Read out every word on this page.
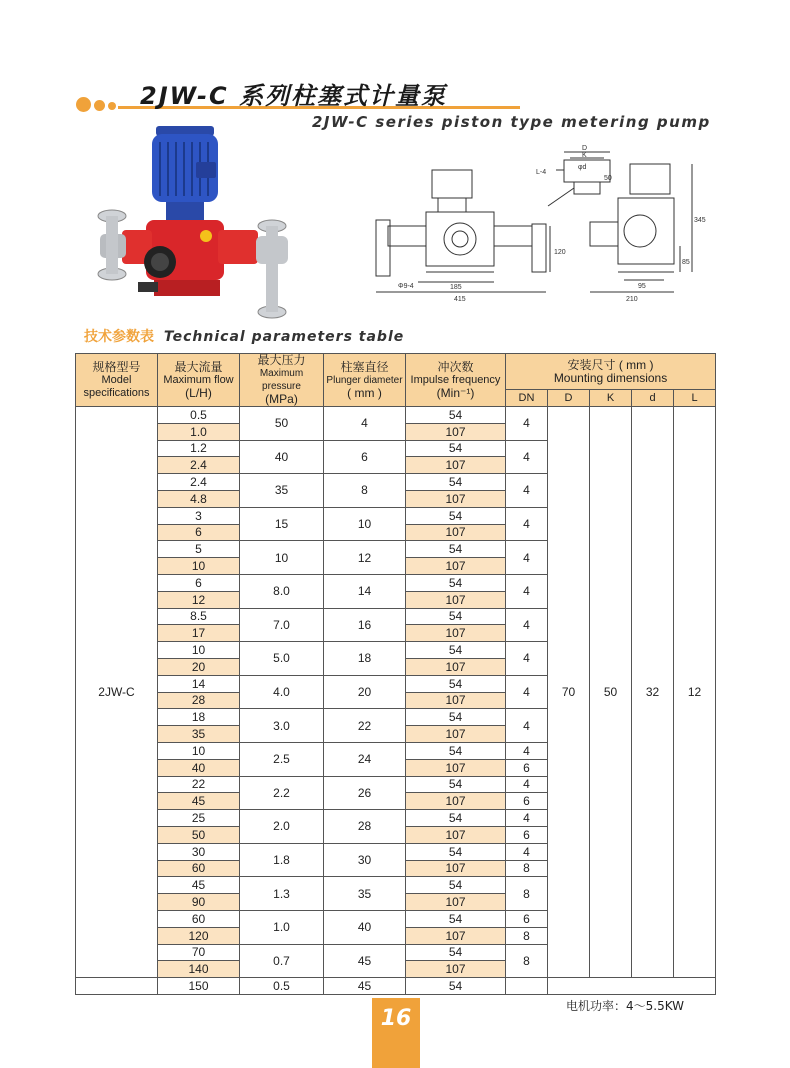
2JW-C 系列柱塞式计量泵
2JW-C series piston type metering pump
D
K
φd
L-4
50
345
120
Φ9-4	185
415
95
210
85
技术参数表 Technical parameters table
规格型号
Model
specifications	最大流量
Maximum flow
(L/H)	最大压力
Maximum pressure
(MPa)	柱塞直径
Plunger diameter
( mm )	冲次数
Impulse frequency
(Min⁻¹)	安装尺寸 ( mm )
Mounting dimensions				

					DN	D	K	d	L
2JW-C	0.5	50	4	54	4	70	50	32	12
	1.0			107					
	1.2	40	6	54	4				
	2.4			107					
	2.4	35	8	54	4				
	4.8			107					
	3	15	10	54	4				
	6			107					
	5	10	12	54	4				
	10			107					
	6	8.0	14	54	4				
	12			107					
	8.5	7.0	16	54	4				
	17			107					
	10	5.0	18	54	4				
	20			107					
	14	4.0	20	54	4				
	28			107					
	18	3.0	22	54	4				
	35			107					
	10	2.5	24	54	4				
	40			107	6				
	22	2.2	26	54	4				
	45			107	6				
	25	2.0	28	54	4				
	50			107	6				
	30	1.8	30	54	4				
	60			107	8				
	45	1.3	35	54	8				
	90			107					
	60	1.0	40	54	6				
	120			107	8				
	70	0.7	45	54	8				
	140			107					
	150	0.5	45	54					
电机功率：4～5.5KW
16
